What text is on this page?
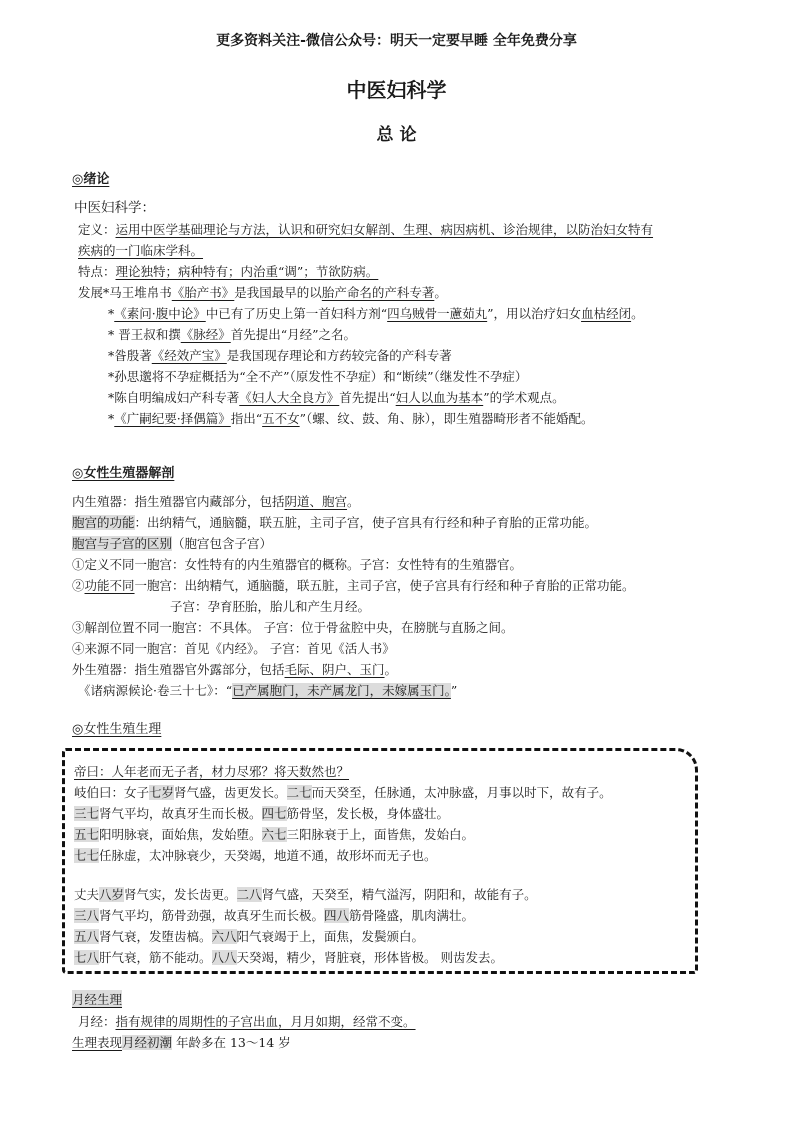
更多资料关注-微信公众号：明天一定要早睡 全年免费分享
中医妇科学
总 论
◎绪论
中医妇科学：
定义：运用中医学基础理论与方法，认识和研究妇女解剖、生理、病因病机、诊治规律，以防治妇女特有
疾病的一门临床学科。
特点：理论独特；病种特有；内治重“调”；节欲防病。
发展*马王堆帛书《胎产书》是我国最早的以胎产命名的产科专著。
*《素问·腹中论》中已有了历史上第一首妇科方剂“四乌贼骨一藘茹丸”，用以治疗妇女血枯经闭。
* 晋王叔和撰《脉经》首先提出“月经”之名。
*昝殷著《经效产宝》是我国现存理论和方药较完备的产科专著
*孙思邈将不孕症概括为“全不产”（原发性不孕症）和“断续”（继发性不孕症）
*陈自明编成妇产科专著《妇人大全良方》首先提出“妇人以血为基本”的学术观点。
*《广嗣纪要·择偶篇》指出“五不女”（螺、纹、鼓、角、脉），即生殖器畸形者不能婚配。
◎女性生殖器解剖
内生殖器：指生殖器官内藏部分，包括阴道、胞宫。
胞宫的功能：出纳精气，通脑髓，联五脏，主司子宫，使子宫具有行经和种子育胎的正常功能。
胞宫与子宫的区别（胞宫包含子宫）
①定义不同一胞宫：女性特有的内生殖器官的概称。子宫：女性特有的生殖器官。
②功能不同一胞宫：出纳精气，通脑髓，联五脏，主司子宫，使子宫具有行经和种子育胎的正常功能。
子宫：孕育胚胎，胎儿和产生月经。
③解剖位置不同一胞宫：不具体。 子宫：位于骨盆腔中央，在膀胱与直肠之间。
④来源不同一胞宫：首见《内经》。 子宫：首见《活人书》
外生殖器：指生殖器官外露部分，包括毛际、阴户、玉门。
《诸病源候论·卷三十七》：“已产属胞门，未产属龙门，未嫁属玉门。”
◎女性生殖生理
帝曰：人年老而无子者，材力尽邪？将天数然也？
岐伯曰：女子七岁肾气盛，齿更发长。二七而天癸至，任脉通，太冲脉盛，月事以时下，故有子。
三七肾气平均，故真牙生而长极。四七筋骨坚，发长极，身体盛壮。
五七阳明脉衰，面始焦，发始堕。六七三阳脉衰于上，面皆焦，发始白。
七七任脉虚，太冲脉衰少，天癸竭，地道不通，故形坏而无子也。
丈夫八岁肾气实，发长齿更。二八肾气盛，天癸至，精气溢泻，阴阳和，故能有子。
三八肾气平均，筋骨劲强，故真牙生而长极。四八筋骨隆盛，肌肉满壮。
五八肾气衰，发堕齿槁。六八阳气衰竭于上，面焦，发鬓颁白。
七八肝气衰，筋不能动。八八天癸竭，精少，肾脏衰，形体皆极。 则齿发去。
月经生理
月经：指有规律的周期性的子宫出血，月月如期，经常不变。
生理表现月经初潮 年龄多在 13～14 岁
